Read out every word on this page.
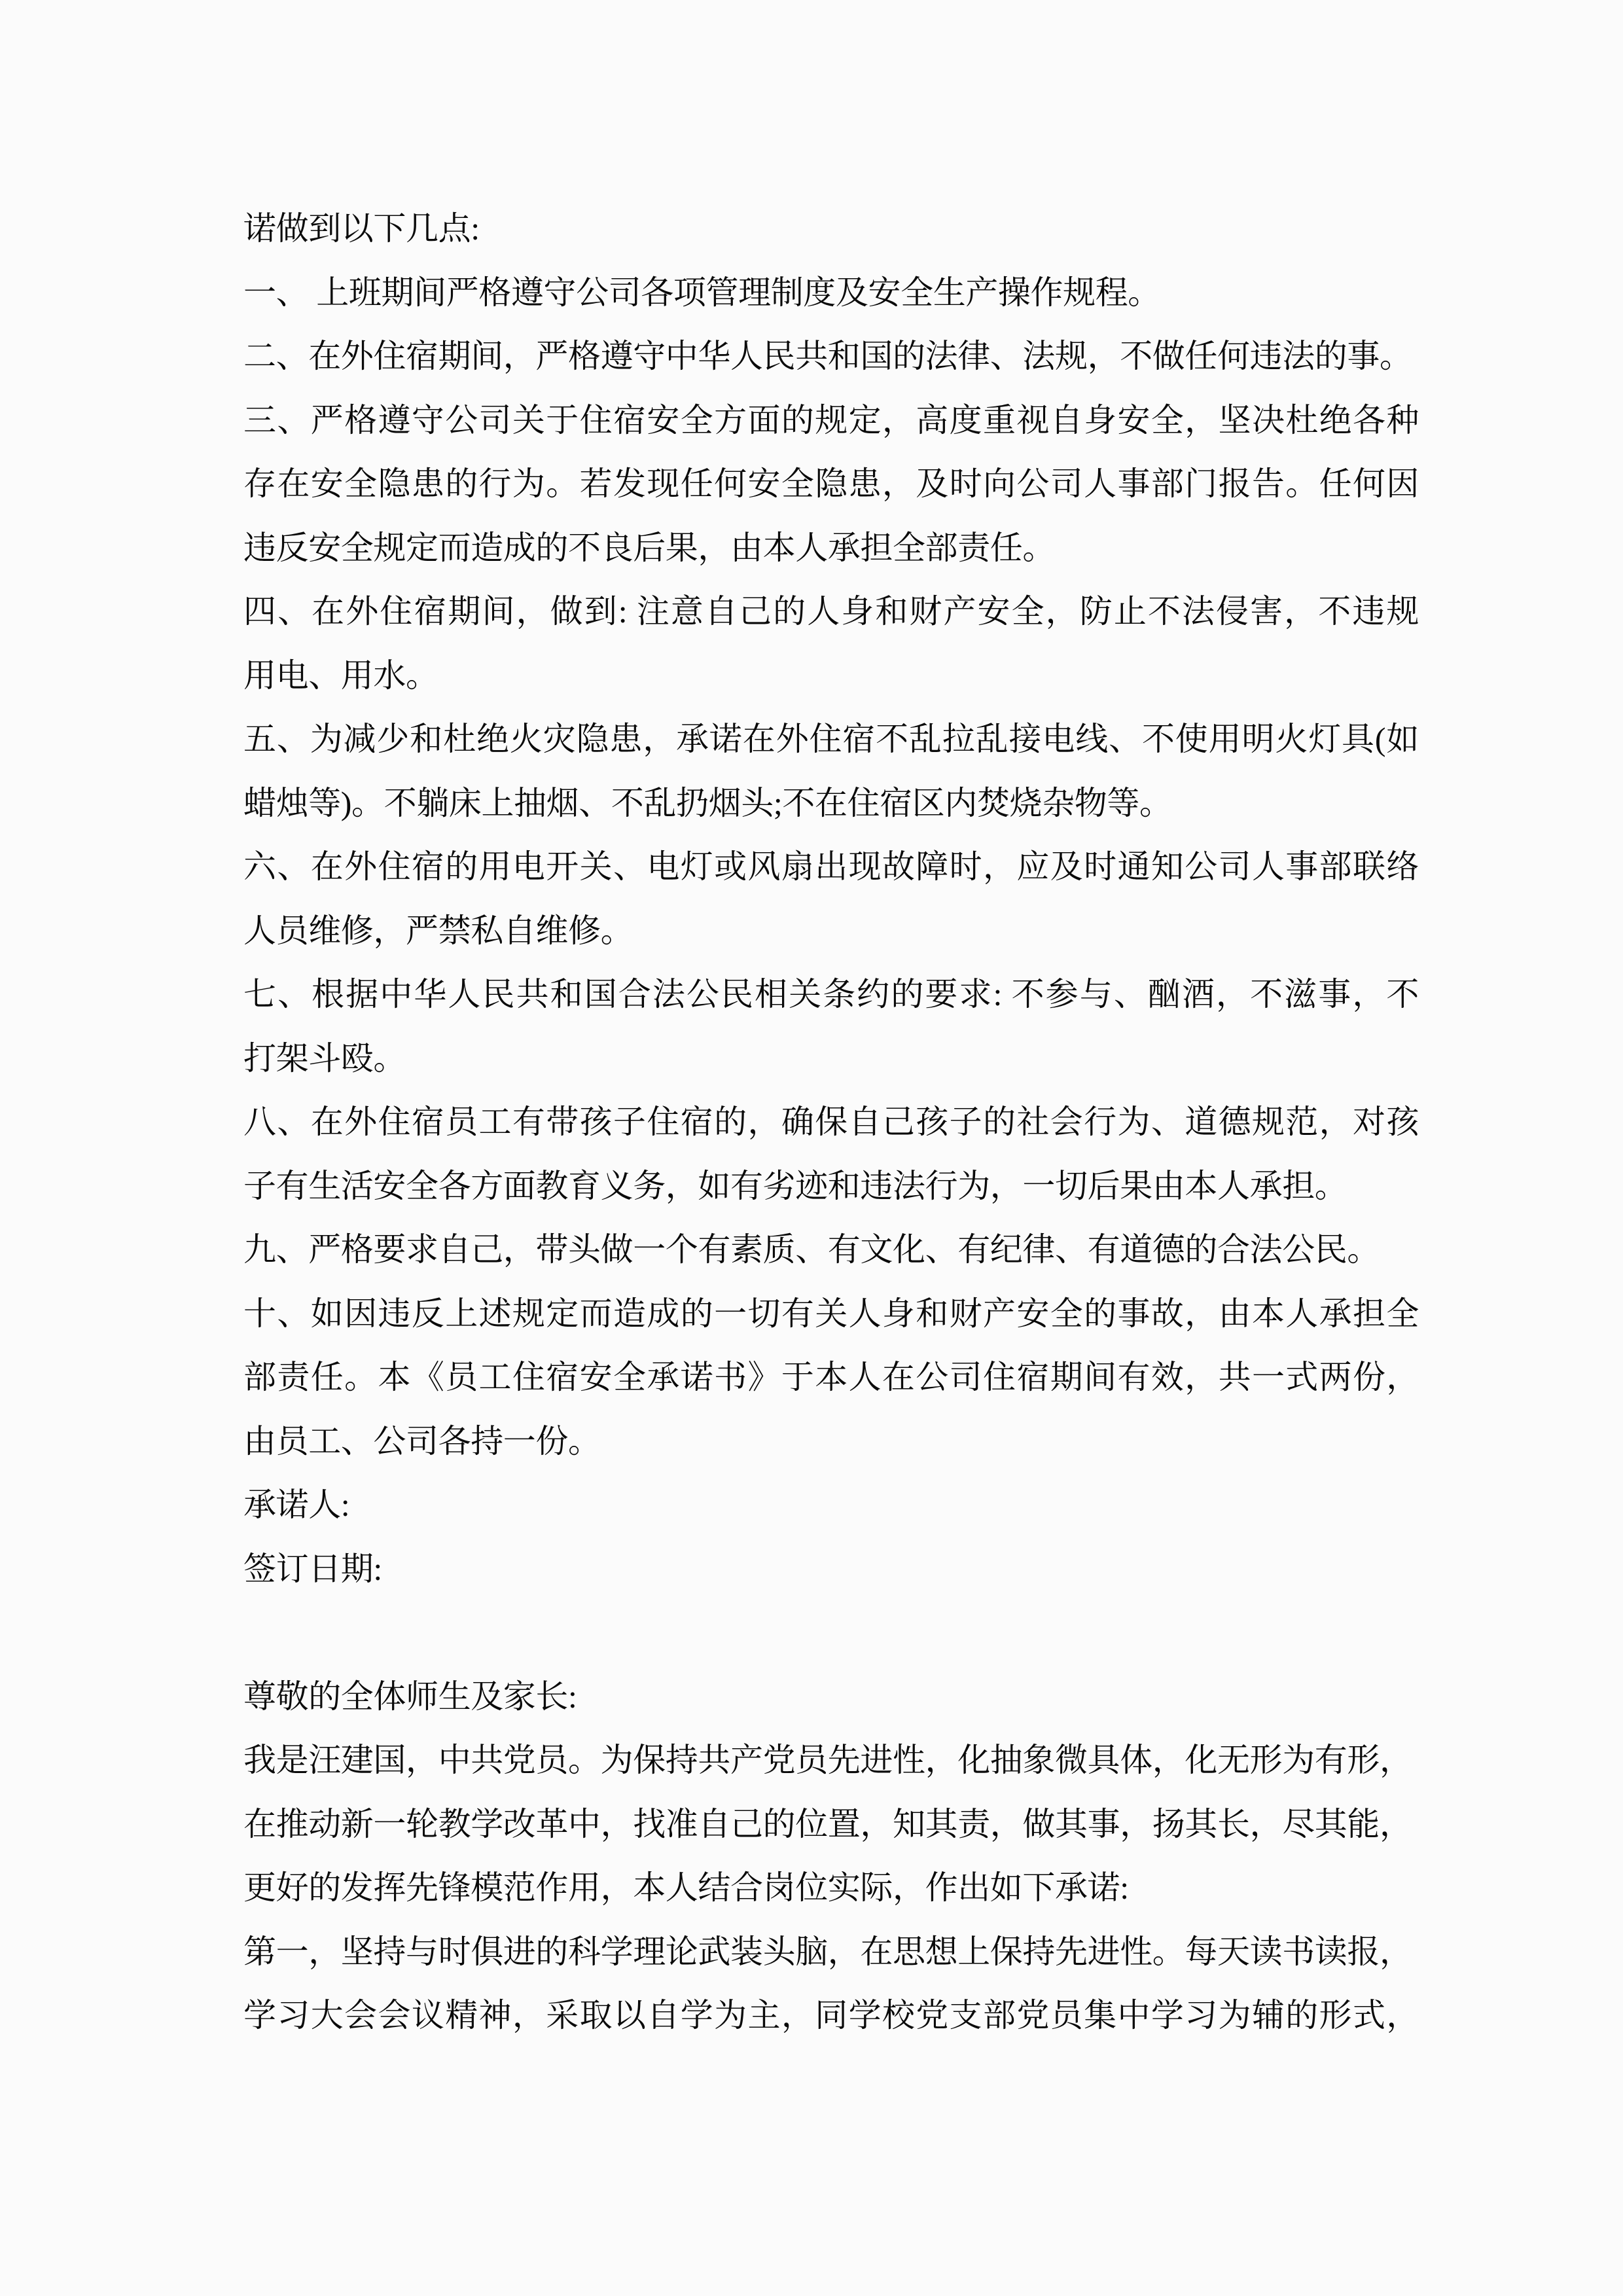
诺做到以下几点:
一、 上班期间严格遵守公司各项管理制度及安全生产操作规程。
二、在外住宿期间，严格遵守中华人民共和国的法律、法规，不做任何违法的事。
三、严格遵守公司关于住宿安全方面的规定，高度重视自身安全，坚决杜绝各种
存在安全隐患的行为。若发现任何安全隐患，及时向公司人事部门报告。任何因
违反安全规定而造成的不良后果，由本人承担全部责任。
四、在外住宿期间，做到: 注意自己的人身和财产安全，防止不法侵害，不违规
用电、用水。
五、为减少和杜绝火灾隐患，承诺在外住宿不乱拉乱接电线、不使用明火灯具(如
蜡烛等)。不躺床上抽烟、不乱扔烟头;不在住宿区内焚烧杂物等。
六、在外住宿的用电开关、电灯或风扇出现故障时，应及时通知公司人事部联络
人员维修，严禁私自维修。
七、根据中华人民共和国合法公民相关条约的要求: 不参与、酗酒，不滋事，不
打架斗殴。
八、在外住宿员工有带孩子住宿的，确保自己孩子的社会行为、道德规范，对孩
子有生活安全各方面教育义务，如有劣迹和违法行为，一切后果由本人承担。
九、严格要求自己，带头做一个有素质、有文化、有纪律、有道德的合法公民。
十、如因违反上述规定而造成的一切有关人身和财产安全的事故，由本人承担全
部责任。本《员工住宿安全承诺书》于本人在公司住宿期间有效，共一式两份，
由员工、公司各持一份。
承诺人:
签订日期:
尊敬的全体师生及家长:
我是汪建国，中共党员。为保持共产党员先进性，化抽象微具体，化无形为有形，
在推动新一轮教学改革中，找准自己的位置，知其责，做其事，扬其长，尽其能，
更好的发挥先锋模范作用，本人结合岗位实际，作出如下承诺:
第一，坚持与时俱进的科学理论武装头脑，在思想上保持先进性。每天读书读报，
学习大会会议精神，采取以自学为主，同学校党支部党员集中学习为辅的形式，
